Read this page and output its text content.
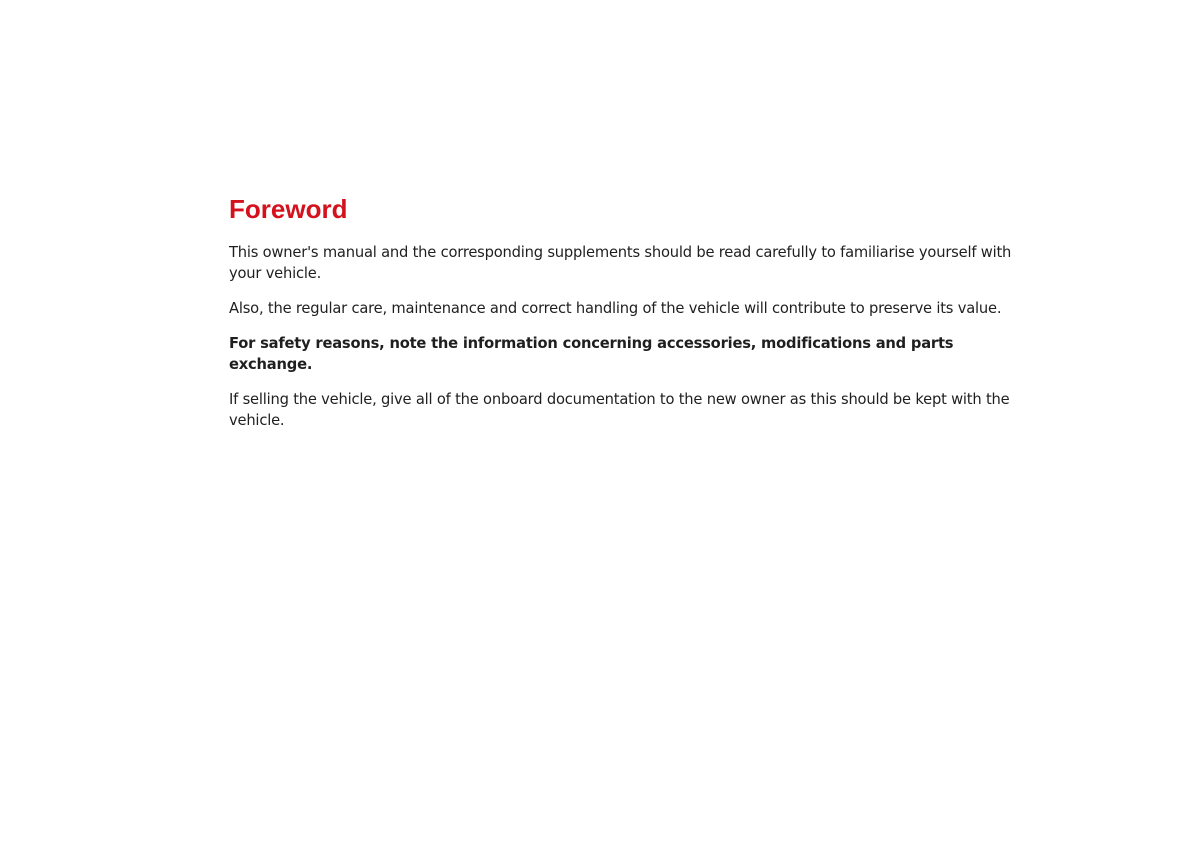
Foreword

This owner's manual and the corresponding supplements should be read carefully to familiarise yourself with your vehicle.

Also, the regular care, maintenance and correct handling of the vehicle will contribute to preserve its value.

For safety reasons, note the information concerning accessories, modifications and parts exchange.

If selling the vehicle, give all of the onboard documentation to the new owner as this should be kept with the vehicle.
